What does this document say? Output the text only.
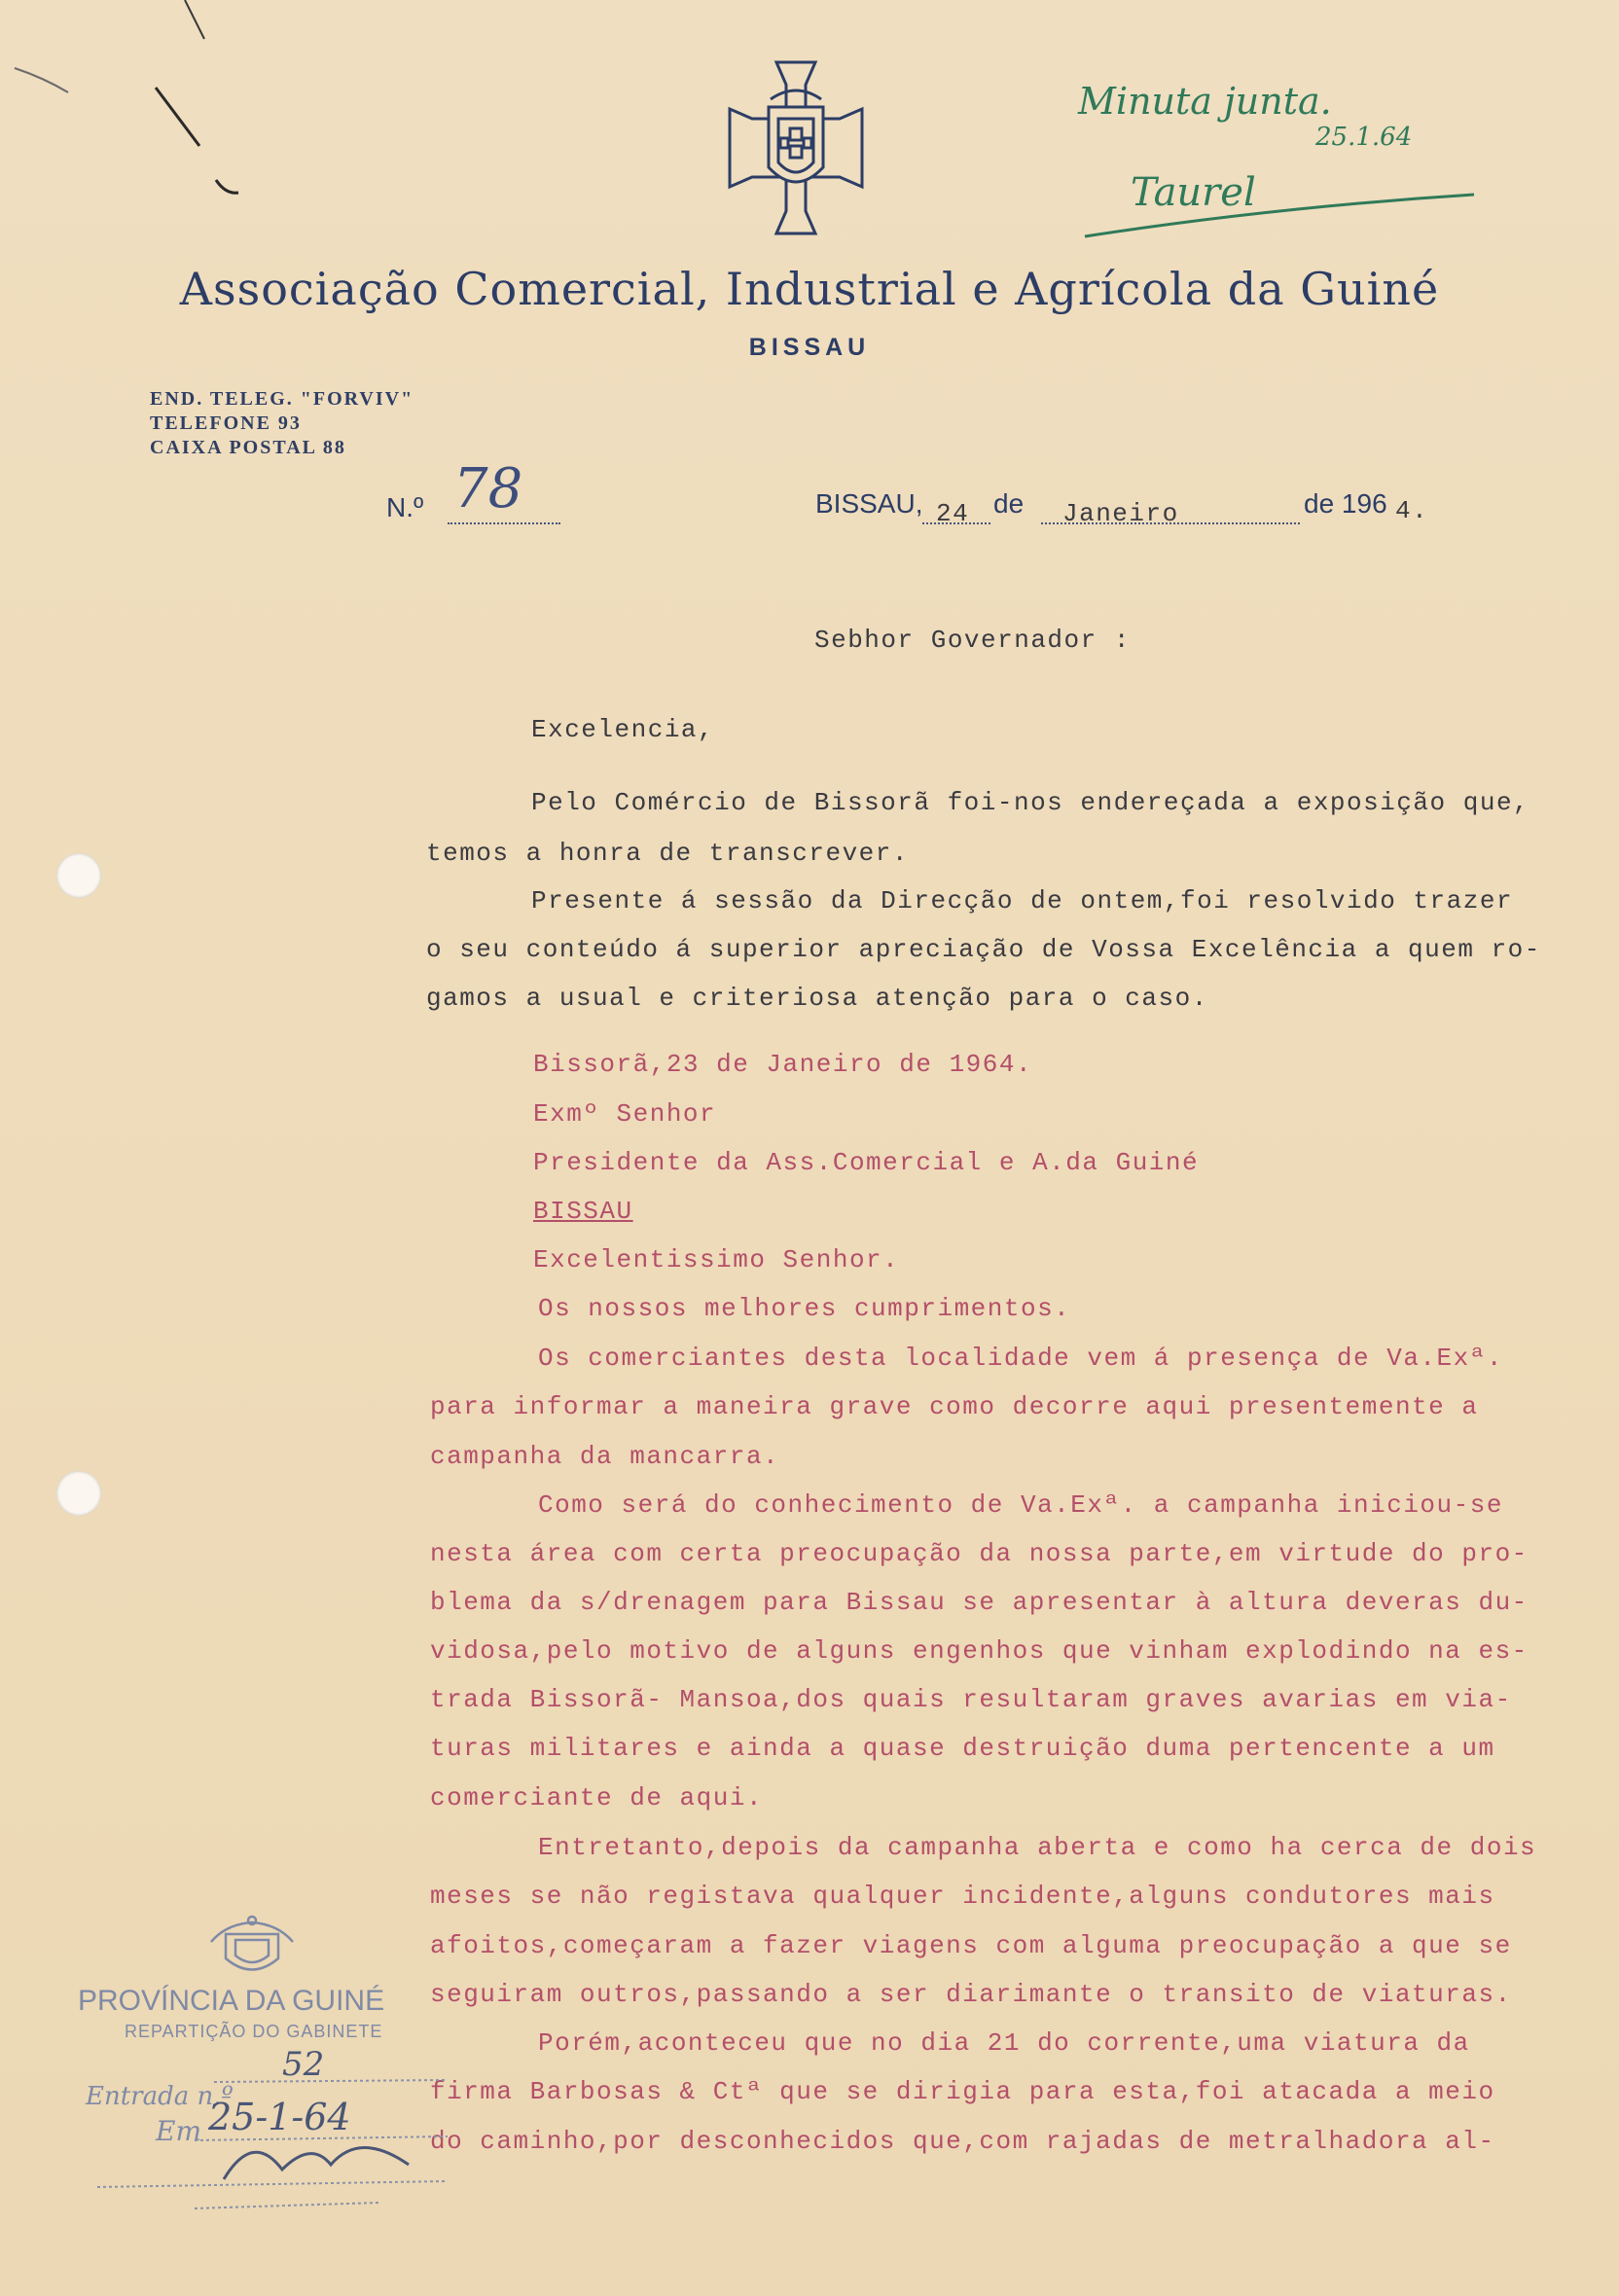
Associação Comercial, Industrial e Agrícola da Guiné
BISSAU
END. TELEG. "FORVIV"
TELEFONE 93
CAIXA POSTAL 88
Minuta junta.
25.1.64
Taurel
N.º 78	BISSAU, 24 de Janeiro	de 196 4.
Sebhor Governador :
Excelencia,
Pelo Comércio de Bissorã foi-nos endereçada a exposição que,
temos a honra de transcrever.
Presente á sessão da Direcção de ontem,foi resolvido trazer
o seu conteúdo á superior apreciação de Vossa Excelência a quem ro-
gamos a usual e criteriosa atenção para o caso.
Bissorã,23 de Janeiro de 1964.
Exmº Senhor
Presidente da Ass.Comercial e A.da Guiné
BISSAU
Excelentissimo Senhor.
Os nossos melhores cumprimentos.
Os comerciantes desta localidade vem á presença de Va.Exª.
para informar a maneira grave como decorre aqui presentemente a
campanha da mancarra.
Como será do conhecimento de Va.Exª. a campanha iniciou-se
nesta área com certa preocupação da nossa parte,em virtude do pro-
blema da s/drenagem para Bissau se apresentar à altura deveras du-
vidosa,pelo motivo de alguns engenhos que vinham explodindo na es-
trada Bissorã- Mansoa,dos quais resultaram graves avarias em via-
turas militares e ainda a quase destruição duma pertencente a um
comerciante de aqui.
Entretanto,depois da campanha aberta e como ha cerca de dois
meses se não registava qualquer incidente,alguns condutores mais
afoitos,começaram a fazer viagens com alguma preocupação a que se
seguiram outros,passando a ser diarimante o transito de viaturas.
Porém,aconteceu que no dia 21 do corrente,uma viatura da
firma Barbosas & Ctª que se dirigia para esta,foi atacada a meio
do caminho,por desconhecidos que,com rajadas de metralhadora al-
PROVÍNCIA DA GUINÉ
REPARTIÇÃO DO GABINETE
Entrada n.º
52
Em 25-1-64
